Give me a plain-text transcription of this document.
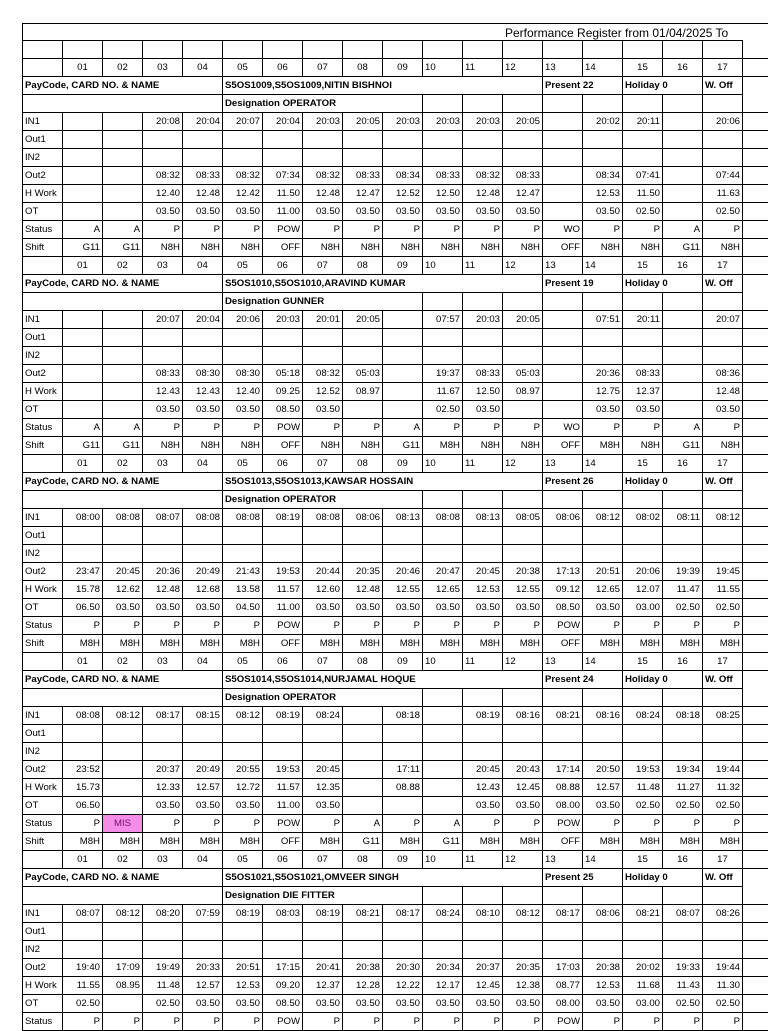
Performance Register from 01/04/2025 To

	01	02	03	04	05	06	07	08	09	10	11	12	13	14	15	16	17		
PayCode, CARD NO. & NAME					S5OS1009,S5OS1009,NITIN BISHNOI								Present 22		Holiday 0		W. Off		
					Designation OPERATOR														
IN1			20:08	20:04	20:07	20:04	20:03	20:05	20:03	20:03	20:03	20:05		20:02	20:11		20:06		
Out1																			
IN2																			
Out2			08:32	08:33	08:32	07:34	08:32	08:33	08:34	08:33	08:32	08:33		08:34	07:41		07:44		
H Work			12.40	12.48	12.42	11.50	12.48	12.47	12.52	12.50	12.48	12.47		12.53	11.50		11.63		
OT			03.50	03.50	03.50	11.00	03.50	03.50	03.50	03.50	03.50	03.50		03.50	02.50		02.50		
Status	A	A	P	P	P	POW	P	P	P	P	P	P	WO	P	P	A	P		
Shift	G11	G11	N8H	N8H	N8H	OFF	N8H	N8H	N8H	N8H	N8H	N8H	OFF	N8H	N8H	G11	N8H		
	01	02	03	04	05	06	07	08	09	10	11	12	13	14	15	16	17		
PayCode, CARD NO. & NAME					S5OS1010,S5OS1010,ARAVIND KUMAR								Present 19		Holiday 0		W. Off		
					Designation GUNNER														
IN1			20:07	20:04	20:06	20:03	20:01	20:05		07:57	20:03	20:05		07:51	20:11		20:07		
Out1																			
IN2																			
Out2			08:33	08:30	08:30	05:18	08:32	05:03		19:37	08:33	05:03		20:36	08:33		08:36		
H Work			12.43	12.43	12.40	09.25	12.52	08.97		11.67	12.50	08.97		12.75	12.37		12.48		
OT			03.50	03.50	03.50	08.50	03.50			02.50	03.50			03.50	03.50		03.50		
Status	A	A	P	P	P	POW	P	P	A	P	P	P	WO	P	P	A	P		
Shift	G11	G11	N8H	N8H	N8H	OFF	N8H	N8H	G11	M8H	N8H	N8H	OFF	M8H	N8H	G11	N8H		
	01	02	03	04	05	06	07	08	09	10	11	12	13	14	15	16	17		
PayCode, CARD NO. & NAME					S5OS1013,S5OS1013,KAWSAR HOSSAIN								Present 26		Holiday 0		W. Off		
					Designation OPERATOR														
IN1	08:00	08:08	08:07	08:08	08:08	08:19	08:08	08:06	08:13	08:08	08:13	08:05	08:06	08:12	08:02	08:11	08:12		
Out1																			
IN2																			
Out2	23:47	20:45	20:36	20:49	21:43	19:53	20:44	20:35	20:46	20:47	20:45	20:38	17:13	20:51	20:06	19:39	19:45		
H Work	15.78	12.62	12.48	12.68	13.58	11.57	12.60	12.48	12.55	12.65	12.53	12.55	09.12	12.65	12.07	11.47	11.55		
OT	06.50	03.50	03.50	03.50	04.50	11.00	03.50	03.50	03.50	03.50	03.50	03.50	08.50	03.50	03.00	02.50	02.50		
Status	P	P	P	P	P	POW	P	P	P	P	P	P	POW	P	P	P	P		
Shift	M8H	M8H	M8H	M8H	M8H	OFF	M8H	M8H	M8H	M8H	M8H	M8H	OFF	M8H	M8H	M8H	M8H		
	01	02	03	04	05	06	07	08	09	10	11	12	13	14	15	16	17		
PayCode, CARD NO. & NAME					S5OS1014,S5OS1014,NURJAMAL HOQUE								Present 24		Holiday 0		W. Off		
					Designation OPERATOR														
IN1	08:08	08:12	08:17	08:15	08:12	08:19	08:24		08:18		08:19	08:16	08:21	08:16	08:24	08:18	08:25		
Out1																			
IN2																			
Out2	23:52		20:37	20:49	20:55	19:53	20:45		17:11		20:45	20:43	17:14	20:50	19:53	19:34	19:44		
H Work	15.73		12.33	12.57	12.72	11.57	12.35		08.88		12.43	12.45	08.88	12.57	11.48	11.27	11.32		
OT	06.50		03.50	03.50	03.50	11.00	03.50				03.50	03.50	08.00	03.50	02.50	02.50	02.50		
Status	P	MIS	P	P	P	POW	P	A	P	A	P	P	POW	P	P	P	P		
Shift	M8H	M8H	M8H	M8H	M8H	OFF	M8H	G11	M8H	G11	M8H	M8H	OFF	M8H	M8H	M8H	M8H		
	01	02	03	04	05	06	07	08	09	10	11	12	13	14	15	16	17		
PayCode, CARD NO. & NAME					S5OS1021,S5OS1021,OMVEER SINGH								Present 25		Holiday 0		W. Off		
					Designation DIE FITTER														
IN1	08:07	08:12	08:20	07:59	08:19	08:03	08:19	08:21	08:17	08:24	08:10	08:12	08:17	08:06	08:21	08:07	08:26		
Out1																			
IN2																			
Out2	19:40	17:09	19:49	20:33	20:51	17:15	20:41	20:38	20:30	20:34	20:37	20:35	17:03	20:38	20:02	19:33	19:44		
H Work	11.55	08.95	11.48	12.57	12.53	09.20	12.37	12.28	12.22	12.17	12.45	12.38	08.77	12.53	11.68	11.43	11.30		
OT	02.50		02.50	03.50	03.50	08.50	03.50	03.50	03.50	03.50	03.50	03.50	08.00	03.50	03.00	02.50	02.50		
Status	P	P	P	P	P	POW	P	P	P	P	P	P	POW	P	P	P	P		
